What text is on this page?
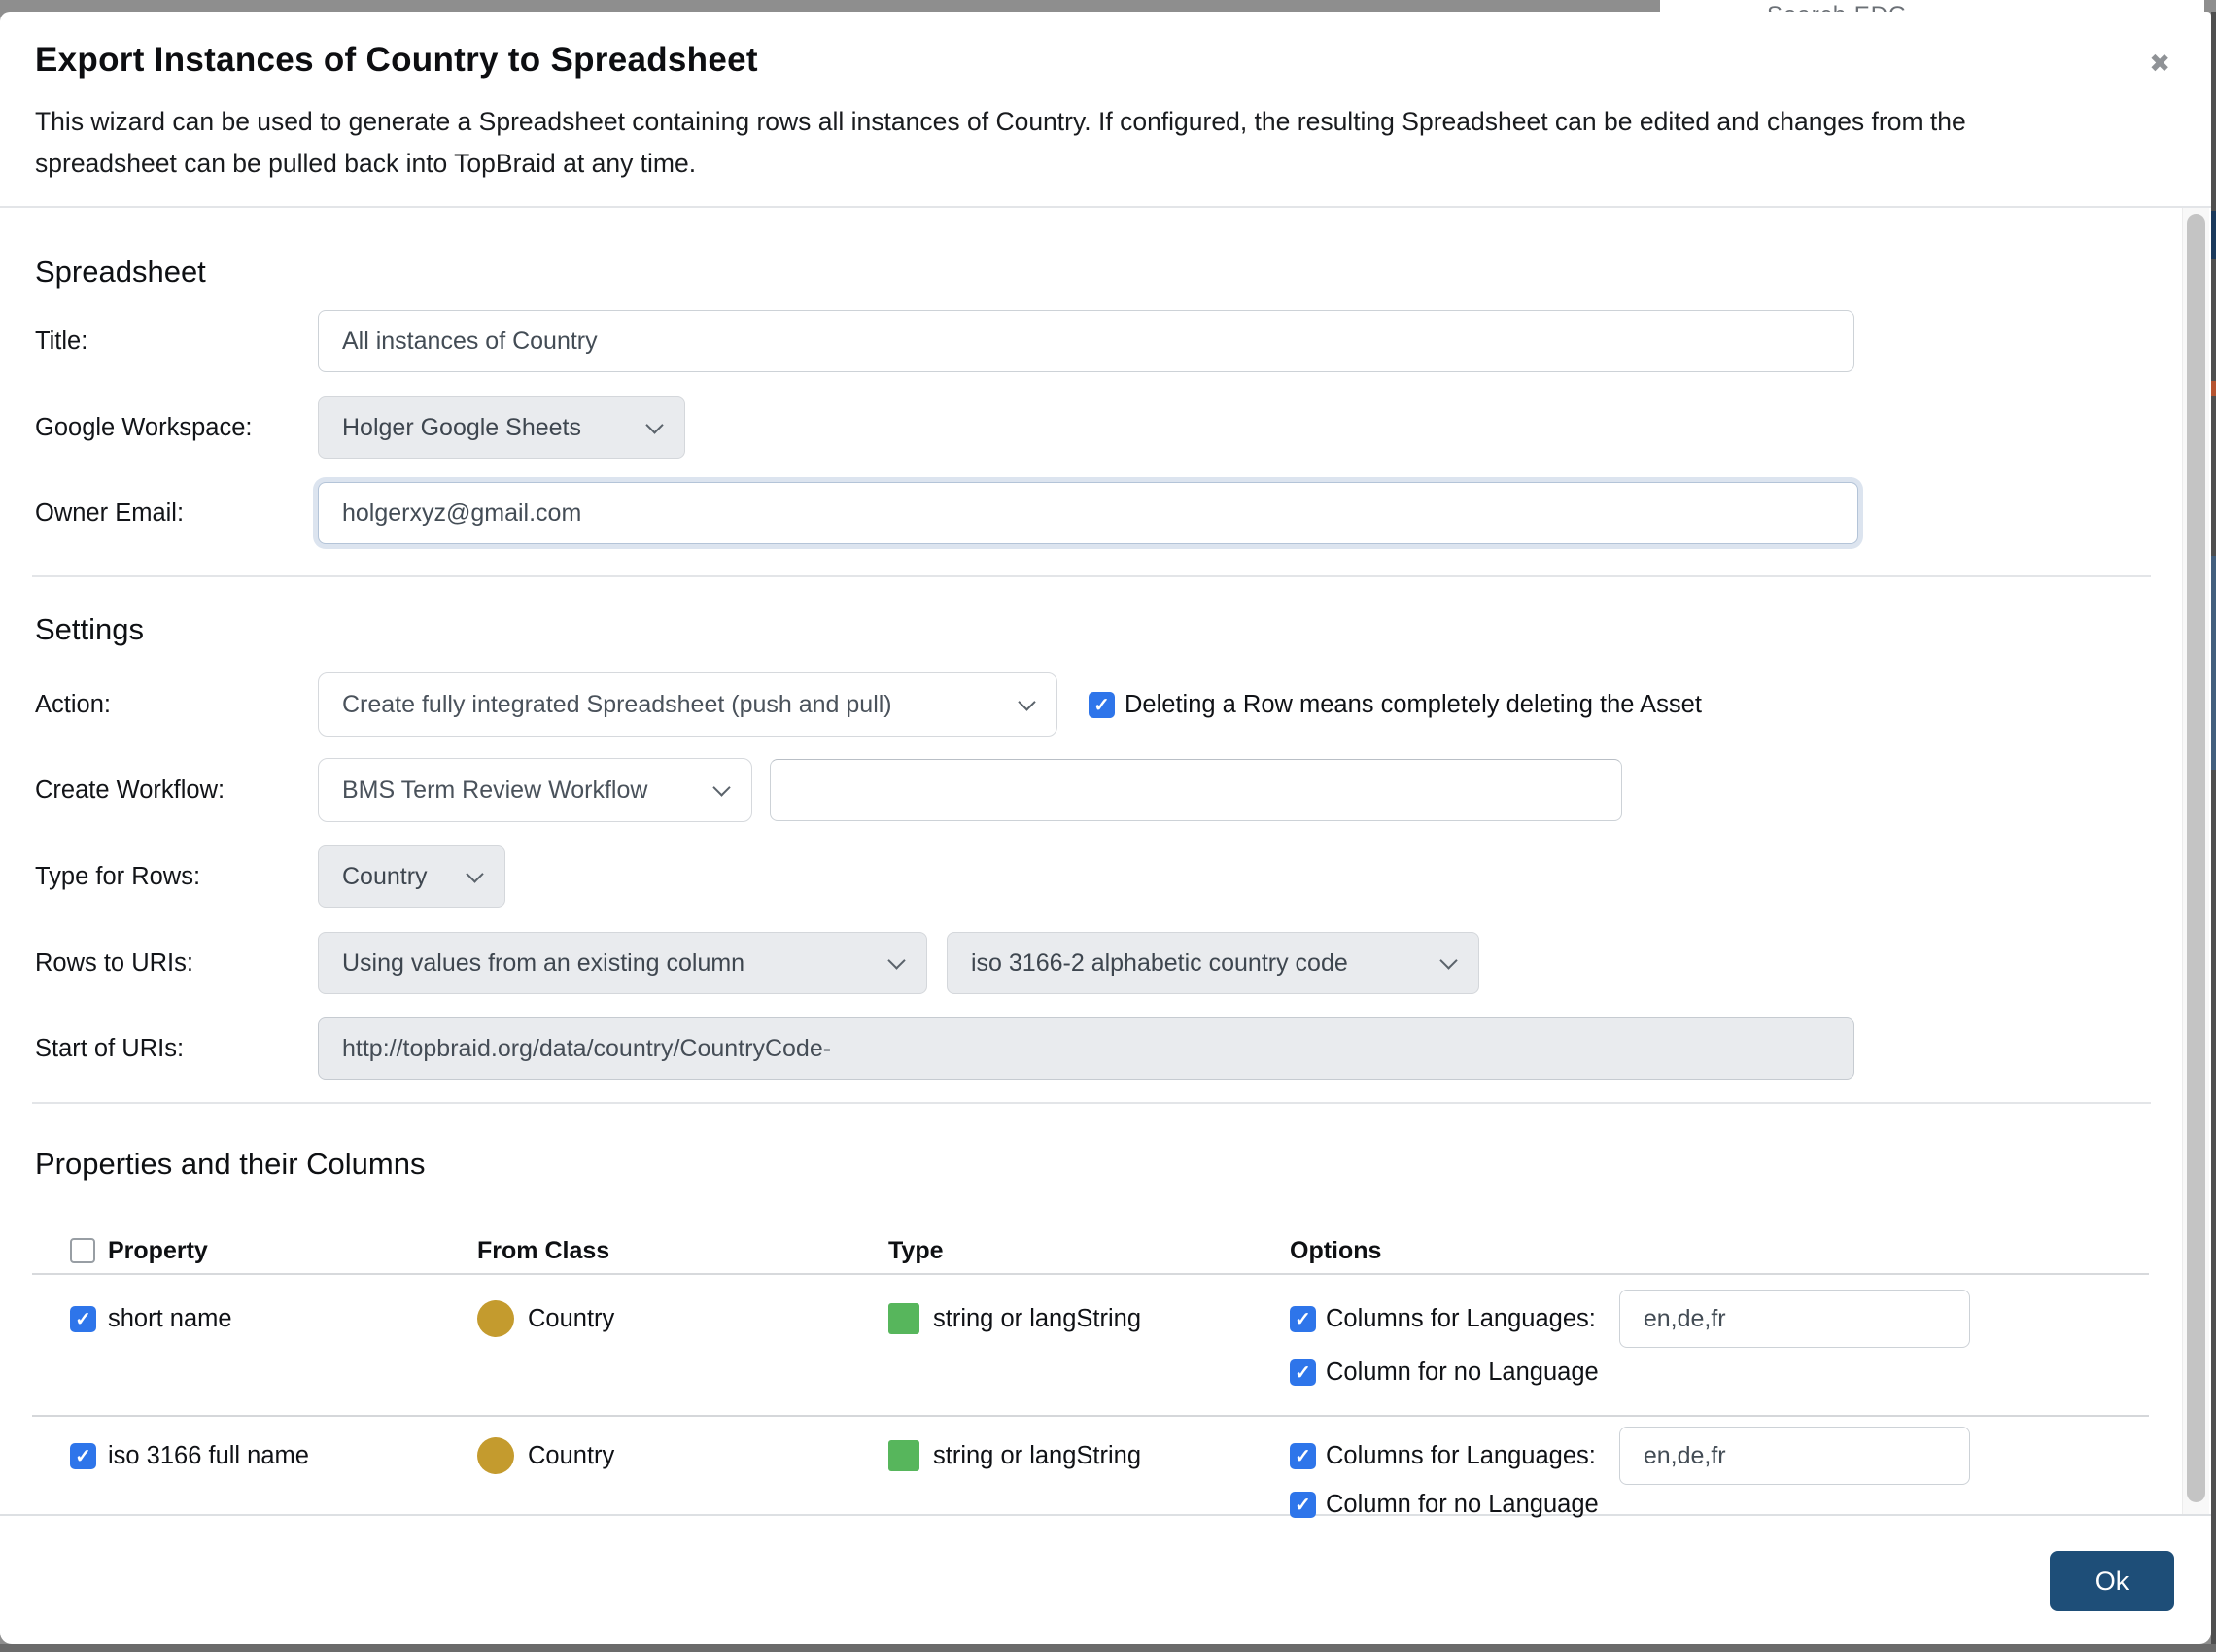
Export Instances of Country to Spreadsheet	✖

This wizard can be used to generate a Spreadsheet containing rows all instances of Country. If configured, the resulting Spreadsheet can be edited and changes from the
spreadsheet can be pulled back into TopBraid at any time.

Spreadsheet
Title:
All instances of Country
Google Workspace:	Holger Google Sheets
Owner Email:
holgerxyz@gmail.com
Settings
Action:	Create fully integrated Spreadsheet (push and pull)	✓ Deleting a Row means completely deleting the Asset
Create Workflow:	BMS Term Review Workflow
Type for Rows:	Country
Rows to URIs:	Using values from an existing column	iso 3166-2 alphabetic country code
Start of URIs:
http://topbraid.org/data/country/CountryCode-
Properties and their Columns
Property	From Class	Type	Options
✓ short name	Country	string or langString	✓ Columns for Languages:
en,de,fr
✓ Column for no Language
✓ iso 3166 full name	Country	string or langString	✓ Columns for Languages:
en,de,fr
✓ Column for no Language
Ok
